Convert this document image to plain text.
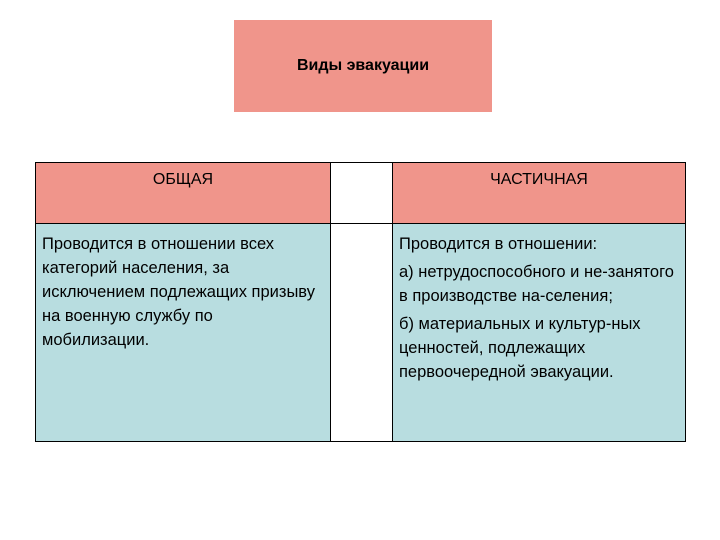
Виды эвакуации
ОБЩАЯ		ЧАСТИЧНАЯ

Проводится в отношении всех категорий населения, за исключением подлежащих призыву на военную службу по мобилизации.		Проводится в отношении:
а) нетрудоспособного и не-занятого в производстве на-селения;
б) материальных и культур-ных ценностей, подлежащих первоочередной эвакуации.
